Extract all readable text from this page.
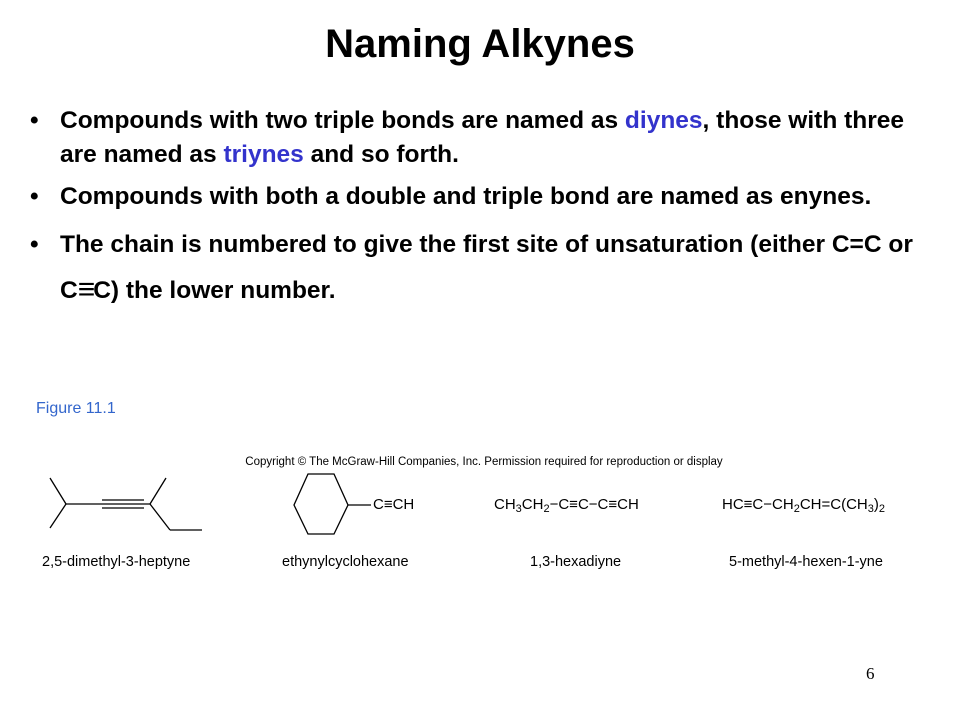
Naming Alkynes
• Compounds with two triple bonds are named as diynes, those with three are named as triynes and so forth.
• Compounds with both a double and triple bond are named as enynes.
• The chain is numbered to give the first site of unsaturation (either C=C or C≡C) the lower number.
Figure 11.1
Copyright © The McGraw-Hill Companies, Inc. Permission required for reproduction or display
2,5-dimethyl-3-heptyne
C≡CH
ethynylcyclohexane
$CH_3CH_2-C\equiv C-C\equiv CH$
1,3-hexadiyne
$HC\equiv C-CH_2CH=C(CH_3)_2$
5-methyl-4-hexen-1-yne
6
